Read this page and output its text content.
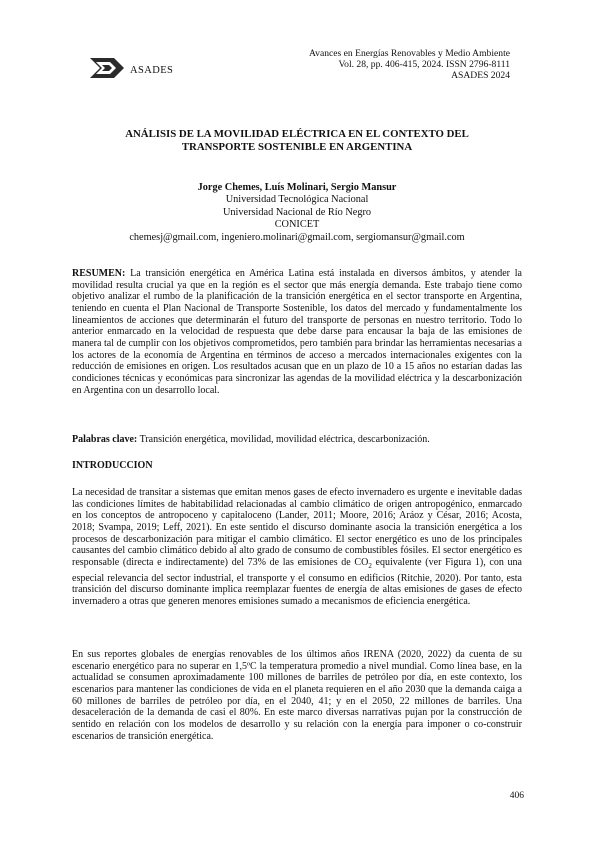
ASADES
Avances en Energías Renovables y Medio Ambiente
Vol. 28, pp. 406-415, 2024. ISSN 2796-8111
ASADES 2024
ANÁLISIS DE LA MOVILIDAD ELÉCTRICA EN EL CONTEXTO DEL
TRANSPORTE SOSTENIBLE EN ARGENTINA
Jorge Chemes, Luís Molinari, Sergio Mansur
Universidad Tecnológica Nacional
Universidad Nacional de Río Negro
CONICET
chemesj@gmail.com, ingeniero.molinari@gmail.com, sergiomansur@gmail.com
RESUMEN: La transición energética en América Latina está instalada en diversos ámbitos, y atender la movilidad resulta crucial ya que en la región es el sector que más energía demanda. Este trabajo tiene como objetivo analizar el rumbo de la planificación de la transición energética en el sector transporte en Argentina, teniendo en cuenta el Plan Nacional de Transporte Sostenible, los datos del mercado y fundamentalmente los lineamientos de acciones que determinarán el futuro del transporte de personas en nuestro territorio. Todo lo anterior enmarcado en la velocidad de respuesta que debe darse para encausar la baja de las emisiones de manera tal de cumplir con los objetivos comprometidos, pero también para brindar las herramientas necesarias a los actores de la economía de Argentina en términos de acceso a mercados internacionales exigentes con la reducción de emisiones en origen. Los resultados acusan que en un plazo de 10 a 15 años no estarían dadas las condiciones técnicas y económicas para sincronizar las agendas de la movilidad eléctrica y la descarbonización en Argentina con un desarrollo local.
Palabras clave: Transición energética, movilidad, movilidad eléctrica, descarbonización.
INTRODUCCION
La necesidad de transitar a sistemas que emitan menos gases de efecto invernadero es urgente e inevitable dadas las condiciones límites de habitabilidad relacionadas al cambio climático de origen antropogénico, enmarcado en los conceptos de antropoceno y capitaloceno (Lander, 2011; Moore, 2016; Aráoz y César, 2016; Acosta, 2018; Svampa, 2019; Leff, 2021). En este sentido el discurso dominante asocia la transición energética a los procesos de descarbonización para mitigar el cambio climático. El sector energético es uno de los principales causantes del cambio climático debido al alto grado de consumo de combustibles fósiles. El sector energético es responsable (directa e indirectamente) del 73% de las emisiones de $CO_2$ equivalente (ver Figura 1), con una especial relevancia del sector industrial, el transporte y el consumo en edificios (Ritchie, 2020). Por tanto, esta transición del discurso dominante implica reemplazar fuentes de energía de altas emisiones de gases de efecto invernadero a otras que generen menores emisiones sumado a mecanismos de eficiencia energética.
En sus reportes globales de energías renovables de los últimos años IRENA (2020, 2022) da cuenta de su escenario energético para no superar en 1,5ºC la temperatura promedio a nivel mundial. Como línea base, en la actualidad se consumen aproximadamente 100 millones de barriles de petróleo por día, en este contexto, los escenarios para mantener las condiciones de vida en el planeta requieren en el año 2030 que la demanda caiga a 60 millones de barriles de petróleo por día, en el 2040, 41; y en el 2050, 22 millones de barriles. Una desaceleración de la demanda de casi el 80%. En este marco diversas narrativas pujan por la construcción de sentido en relación con los modelos de desarrollo y su relación con la energía para imponer o co-construir escenarios de transición energética.
406
